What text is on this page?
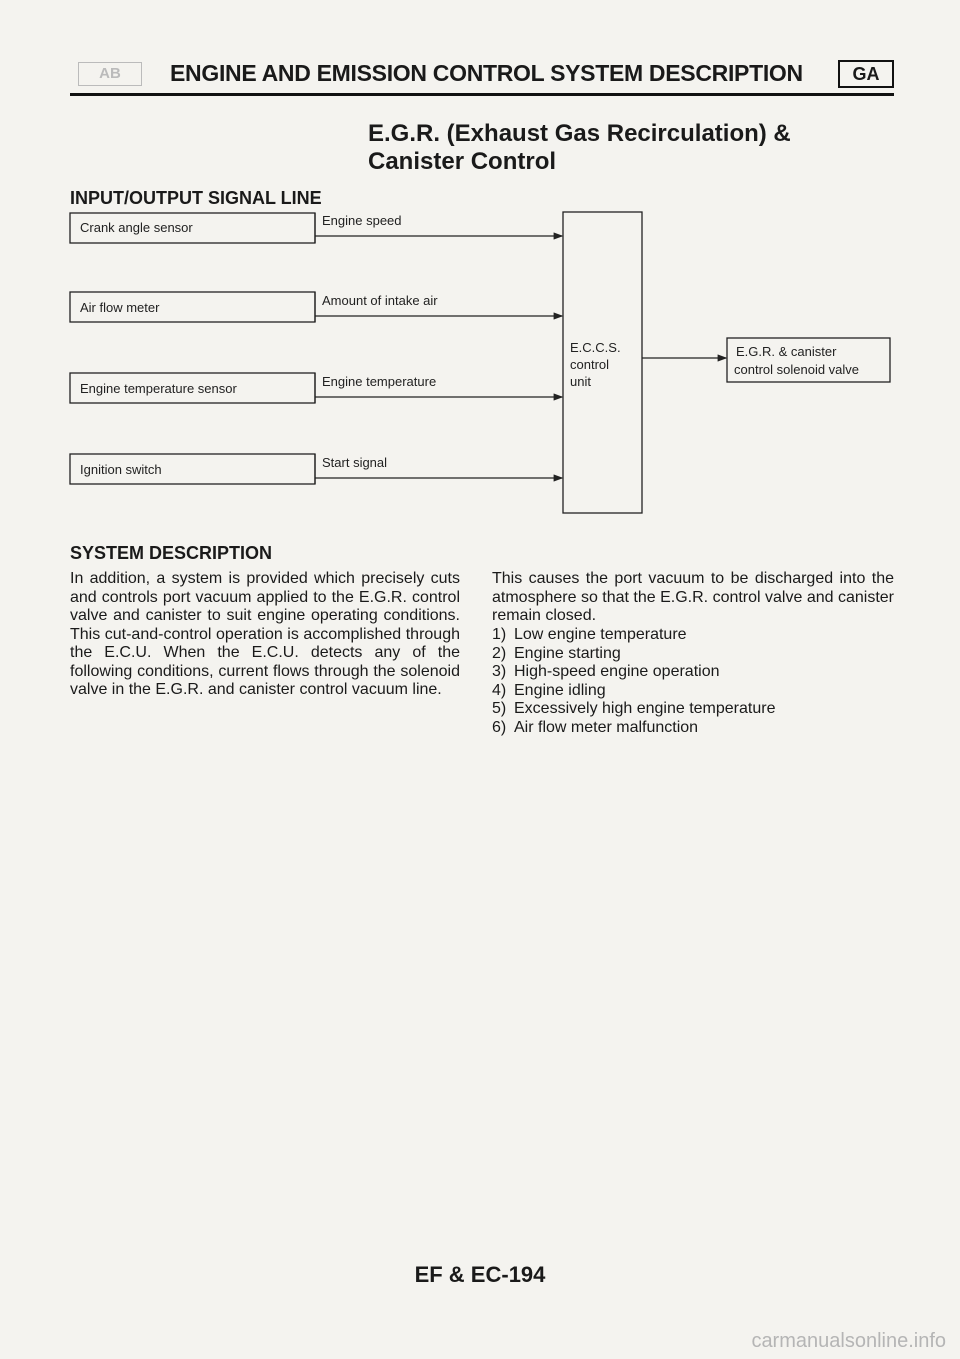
AB	ENGINE AND EMISSION CONTROL SYSTEM DESCRIPTION	GA
E.G.R. (Exhaust Gas Recirculation) & Canister Control
INPUT/OUTPUT SIGNAL LINE
Crank angle sensor	Engine speed
Air flow meter	Amount of intake air
Engine temperature sensor	Engine temperature
Ignition switch	Start signal
E.C.C.S.
control
unit
E.G.R. & canister
control solenoid valve
SYSTEM DESCRIPTION
In addition, a system is provided which precisely cuts and controls port vacuum applied to the E.G.R. control valve and canister to suit engine operating conditions. This cut-and-control operation is accomplished through the E.C.U. When the E.C.U. detects any of the following conditions, current flows through the solenoid valve in the E.G.R. and canister control vacuum line.
This causes the port vacuum to be discharged into the atmosphere so that the E.G.R. control valve and canister remain closed.
1) Low engine temperature
2) Engine starting
3) High-speed engine operation
4) Engine idling
5) Excessively high engine temperature
6) Air flow meter malfunction
EF & EC-194
carmanualsonline.info
